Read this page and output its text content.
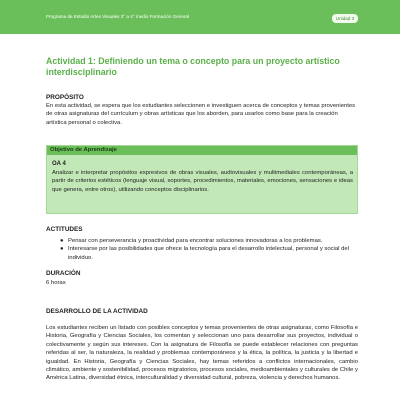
Programa de Estudio Artes Visuales 3° a 4° medio Formación General	Unidad 3
Actividad 1: Definiendo un tema o concepto para un proyecto artístico interdisciplinario
PROPÓSITO
En esta actividad, se espera que los estudiantes seleccionen e investiguen acerca de conceptos y temas provenientes de otras asignaturas del currículum y obras artísticas que los aborden, para usarlos como base para la creación artística personal o colectiva.
Objetivo de Aprendizaje
OA 4
Analizar e interpretar propósitos expresivos de obras visuales, audiovisuales y multimediales contemporáneas, a partir de criterios estéticos (lenguaje visual, soportes, procedimientos, materiales, emociones, sensaciones e ideas que genera, entre otros), utilizando conceptos disciplinarios.
ACTITUDES
● Pensar con perseverancia y proactividad para encontrar soluciones innovadoras a los problemas.
● Interesarse por las posibilidades que ofrece la tecnología para el desarrollo intelectual, personal y social del individuo.
DURACIÓN
6 horas
DESARROLLO DE LA ACTIVIDAD
Los estudiantes reciben un listado con posibles conceptos y temas provenientes de otras asignaturas, como Filosofía e Historia, Geografía y Ciencias Sociales, los comentan y seleccionan uno para desarrollar sus proyectos, individual o colectivamente y según sus intereses. Con la asignatura de Filosofía se puede establecer relaciones con preguntas referidas al ser, la naturaleza, la realidad y problemas contemporáneos y la ética, la política, la justicia y la libertad e igualdad. En Historia, Geografía y Ciencias Sociales, hay temas referidos a conflictos internacionales, cambio climático, ambiente y sostenibilidad, procesos migratorios, procesos sociales, medioambientales y culturales de Chile y América Latina, diversidad étnica, interculturalidad y diversidad cultural, pobreza, violencia y derechos humanos.
